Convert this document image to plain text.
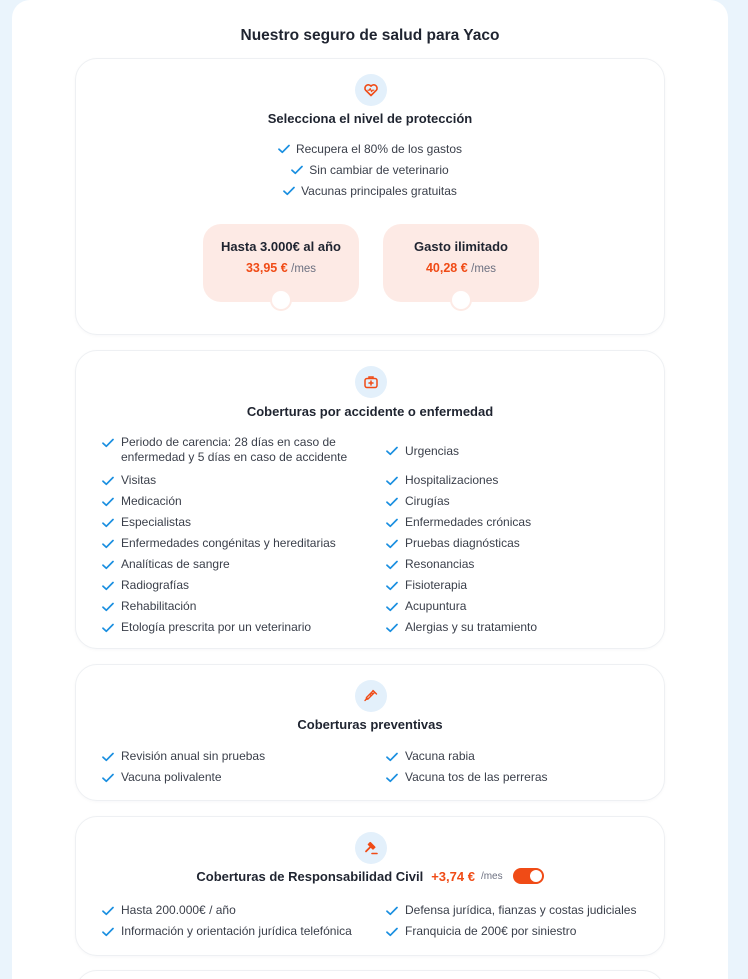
Nuestro seguro de salud para Yaco
Selecciona el nivel de protección
Recupera el 80% de los gastos
Sin cambiar de veterinario
Vacunas principales gratuitas
Hasta 3.000€ al año
33,95 € /mes
Gasto ilimitado
40,28 € /mes
Coberturas por accidente o enfermedad
Periodo de carencia: 28 días en caso de enfermedad y 5 días en caso de accidente	Urgencias
Visitas	Hospitalizaciones
Medicación	Cirugías
Especialistas	Enfermedades crónicas
Enfermedades congénitas y hereditarias	Pruebas diagnósticas
Analíticas de sangre	Resonancias
Radiografías	Fisioterapia
Rehabilitación	Acupuntura
Etología prescrita por un veterinario	Alergias y su tratamiento
Coberturas preventivas
Revisión anual sin pruebas	Vacuna rabia
Vacuna polivalente	Vacuna tos de las perreras
Coberturas de Responsabilidad Civil +3,74 € /mes
Hasta 200.000€ / año	Defensa jurídica, fianzas y costas judiciales
Información y orientación jurídica telefónica	Franquicia de 200€ por siniestro
